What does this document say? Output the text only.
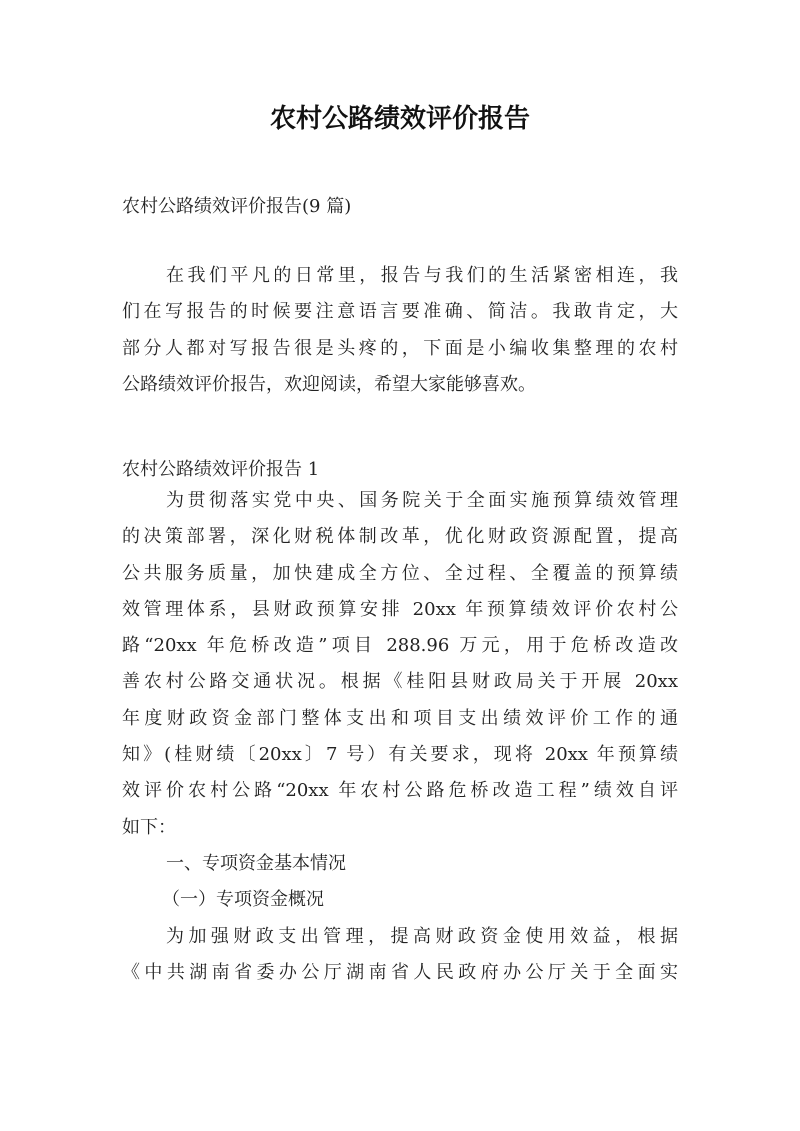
农村公路绩效评价报告

农村公路绩效评价报告(9 篇)

在我们平凡的日常里，报告与我们的生活紧密相连，我
们在写报告的时候要注意语言要准确、简洁。我敢肯定，大
部分人都对写报告很是头疼的，下面是小编收集整理的农村
公路绩效评价报告，欢迎阅读，希望大家能够喜欢。

农村公路绩效评价报告 1

为贯彻落实党中央、国务院关于全面实施预算绩效管理
的决策部署，深化财税体制改革，优化财政资源配置，提高
公共服务质量，加快建成全方位、全过程、全覆盖的预算绩
效管理体系，县财政预算安排 20xx 年预算绩效评价农村公
路“20xx 年危桥改造”项目 288.96 万元，用于危桥改造改
善农村公路交通状况。根据《桂阳县财政局关于开展 20xx
年度财政资金部门整体支出和项目支出绩效评价工作的通
知》(桂财绩〔20xx〕7 号）有关要求，现将 20xx 年预算绩
效评价农村公路“20xx 年农村公路危桥改造工程”绩效自评
如下：
一、专项资金基本情况
（一）专项资金概况
为加强财政支出管理，提高财政资金使用效益，根据
《中共湖南省委办公厅湖南省人民政府办公厅关于全面实
